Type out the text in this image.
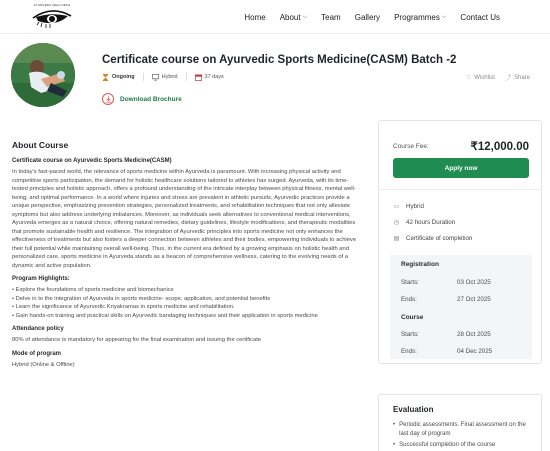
AYURVEDA WELLNESS
Home About ⌵ Team Gallery Programmes ⌵ Contact Us
Certificate course on Ayurvedic Sports Medicine(CASM) Batch -2
Ongoing	Hybrid	37 days	♡ Wishlist ⤴ Share
Download Brochure
About Course
Certificate course on Ayurvedic Sports Medicine(CASM)

In today's fast-paced world, the relevance of sports medicine within Ayurveda is paramount. With increasing physical activity and competitive sports participation, the demand for holistic healthcare solutions tailored to athletes has surged. Ayurveda, with its time-tested principles and holistic approach, offers a profound understanding of the intricate interplay between physical fitness, mental well-being, and optimal performance. In a world where injuries and stress are prevalent in athletic pursuits, Ayurvedic practices provide a unique perspective, emphasizing prevention strategies, personalized treatments, and rehabilitation techniques that not only alleviate symptoms but also address underlying imbalances. Moreover, as individuals seek alternatives to conventional medical interventions, Ayurveda emerges as a natural choice, offering natural remedies, dietary guidelines, lifestyle modifications, and therapeutic modalities that promote sustainable health and resilience. The integration of Ayurvedic principles into sports medicine not only enhances the effectiveness of treatments but also fosters a deeper connection between athletes and their bodies, empowering individuals to achieve their full potential while maintaining overall well-being. Thus, in the current era defined by a growing emphasis on holistic health and personalized care, sports medicine in Ayurveda stands as a beacon of comprehensive wellness, catering to the evolving needs of a dynamic and active population.

Program Highlights:
• Explore the foundations of sports medicine and biomechanics
• Delve in to the integration of Ayurveda in sports medicine- scope, application, and potential benefits
• Learn the significance of Ayurvedic Kriyakramas in sports medicine and rehabilitation.
• Gain hands-on training and practical skills on Ayurvedic bandaging techniques and their application in sports medicine
Attendance policy

80% of attendance is mandatory for appearing for the final examination and issuing the certificate

Mode of program

Hybrid (Online & Offline)

Course Fee:	₹12,000.00
Apply now
▭ Hybrid
◷ 42 hours Duration
▤ Certificate of completion
Registration
Starts:	03 Oct 2025
Ends:	27 Oct 2025
Course
Starts:	28 Oct 2025
Ends:	04 Dec 2025
Evaluation
• Periodic assessments. Final assessment on the last day of program
• Successful completion of the course
